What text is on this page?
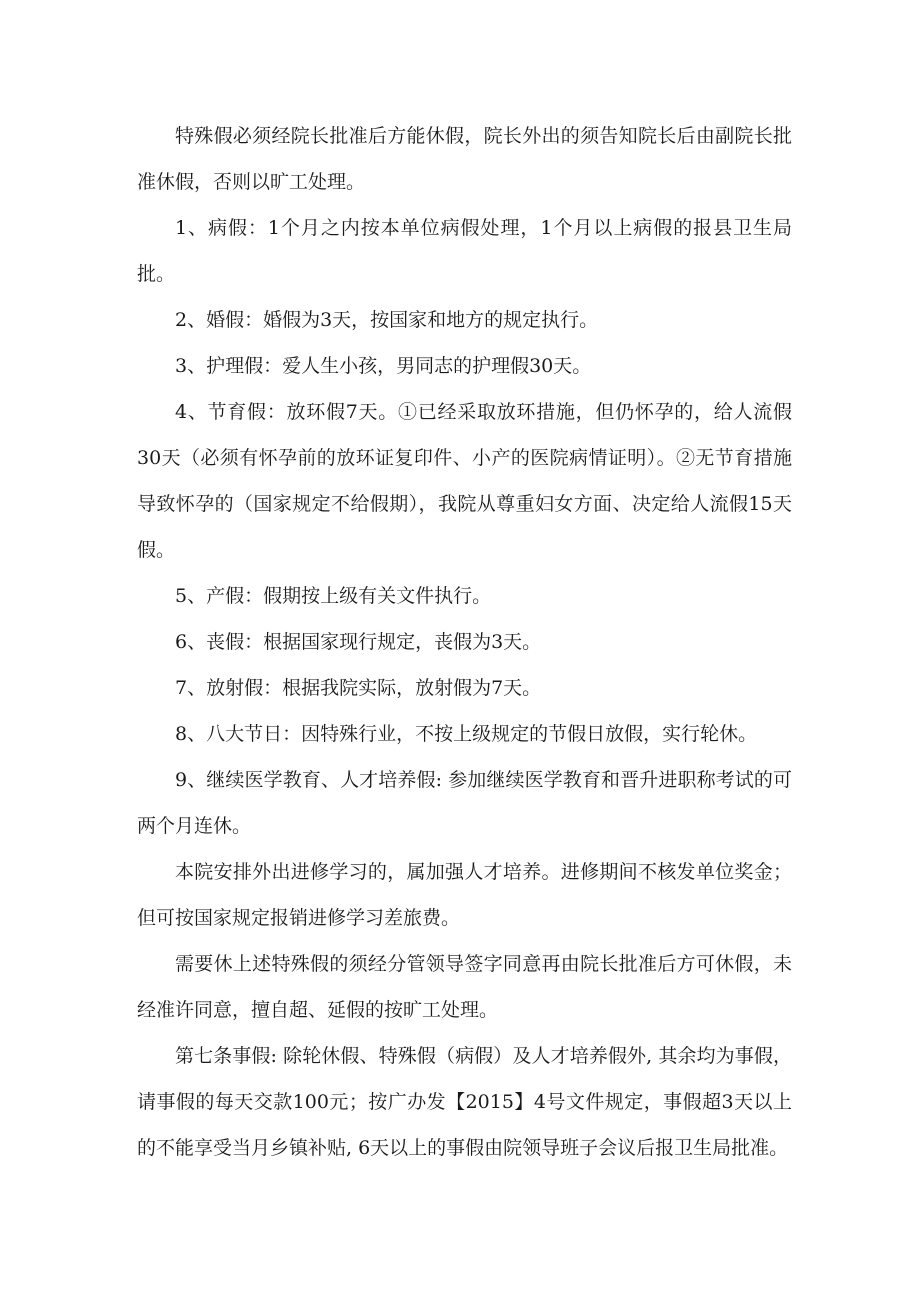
特殊假必须经院长批准后方能休假，院长外出的须告知院长后由副院长批准休假，否则以旷工处理。

1、病假：1个月之内按本单位病假处理，1个月以上病假的报县卫生局批。

2、婚假：婚假为3天，按国家和地方的规定执行。

3、护理假：爱人生小孩，男同志的护理假30天。

4、节育假：放环假7天。①已经采取放环措施，但仍怀孕的，给人流假30天（必须有怀孕前的放环证复印件、小产的医院病情证明）。②无节育措施导致怀孕的（国家规定不给假期），我院从尊重妇女方面、决定给人流假15天假。

5、产假：假期按上级有关文件执行。

6、丧假：根据国家现行规定，丧假为3天。

7、放射假：根据我院实际，放射假为7天。

8、八大节日：因特殊行业，不按上级规定的节假日放假，实行轮休。

9、继续医学教育、人才培养假: 参加继续医学教育和晋升进职称考试的可两个月连休。

本院安排外出进修学习的，属加强人才培养。进修期间不核发单位奖金；但可按国家规定报销进修学习差旅费。

需要休上述特殊假的须经分管领导签字同意再由院长批准后方可休假，未经准许同意，擅自超、延假的按旷工处理。

第七条事假: 除轮休假、特殊假（病假）及人才培养假外, 其余均为事假，请事假的每天交款100元；按广办发【2015】4号文件规定，事假超3天以上的不能享受当月乡镇补贴, 6天以上的事假由院领导班子会议后报卫生局批准。
